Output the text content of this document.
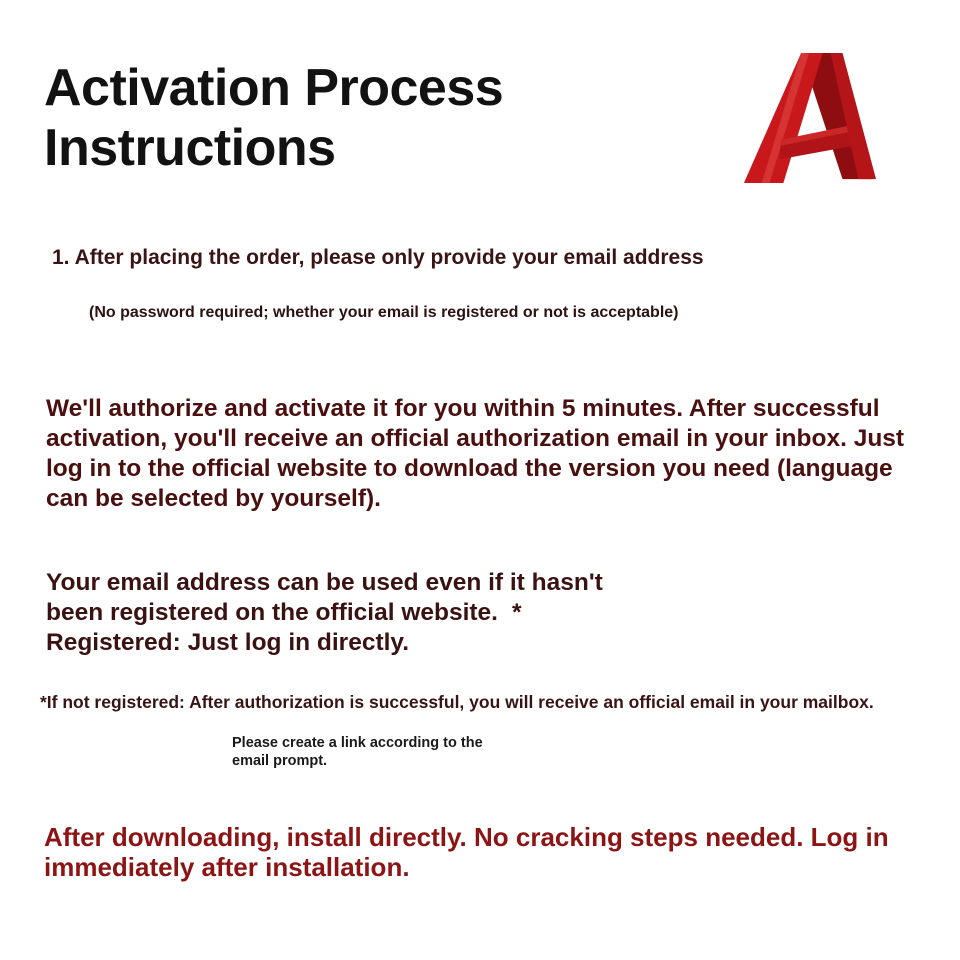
Activation Process
Instructions
1. After placing the order, please only provide your email address
(No password required; whether your email is registered or not is acceptable)
We'll authorize and activate it for you within 5 minutes. After successful activation, you'll receive an official authorization email in your inbox. Just log in to the official website to download the version you need (language can be selected by yourself).
Your email address can be used even if it hasn't
been registered on the official website. *
Registered: Just log in directly.
*If not registered: After authorization is successful, you will receive an official email in your mailbox.
Please create a link according to the email prompt.
After downloading, install directly. No cracking steps needed. Log in immediately after installation.
